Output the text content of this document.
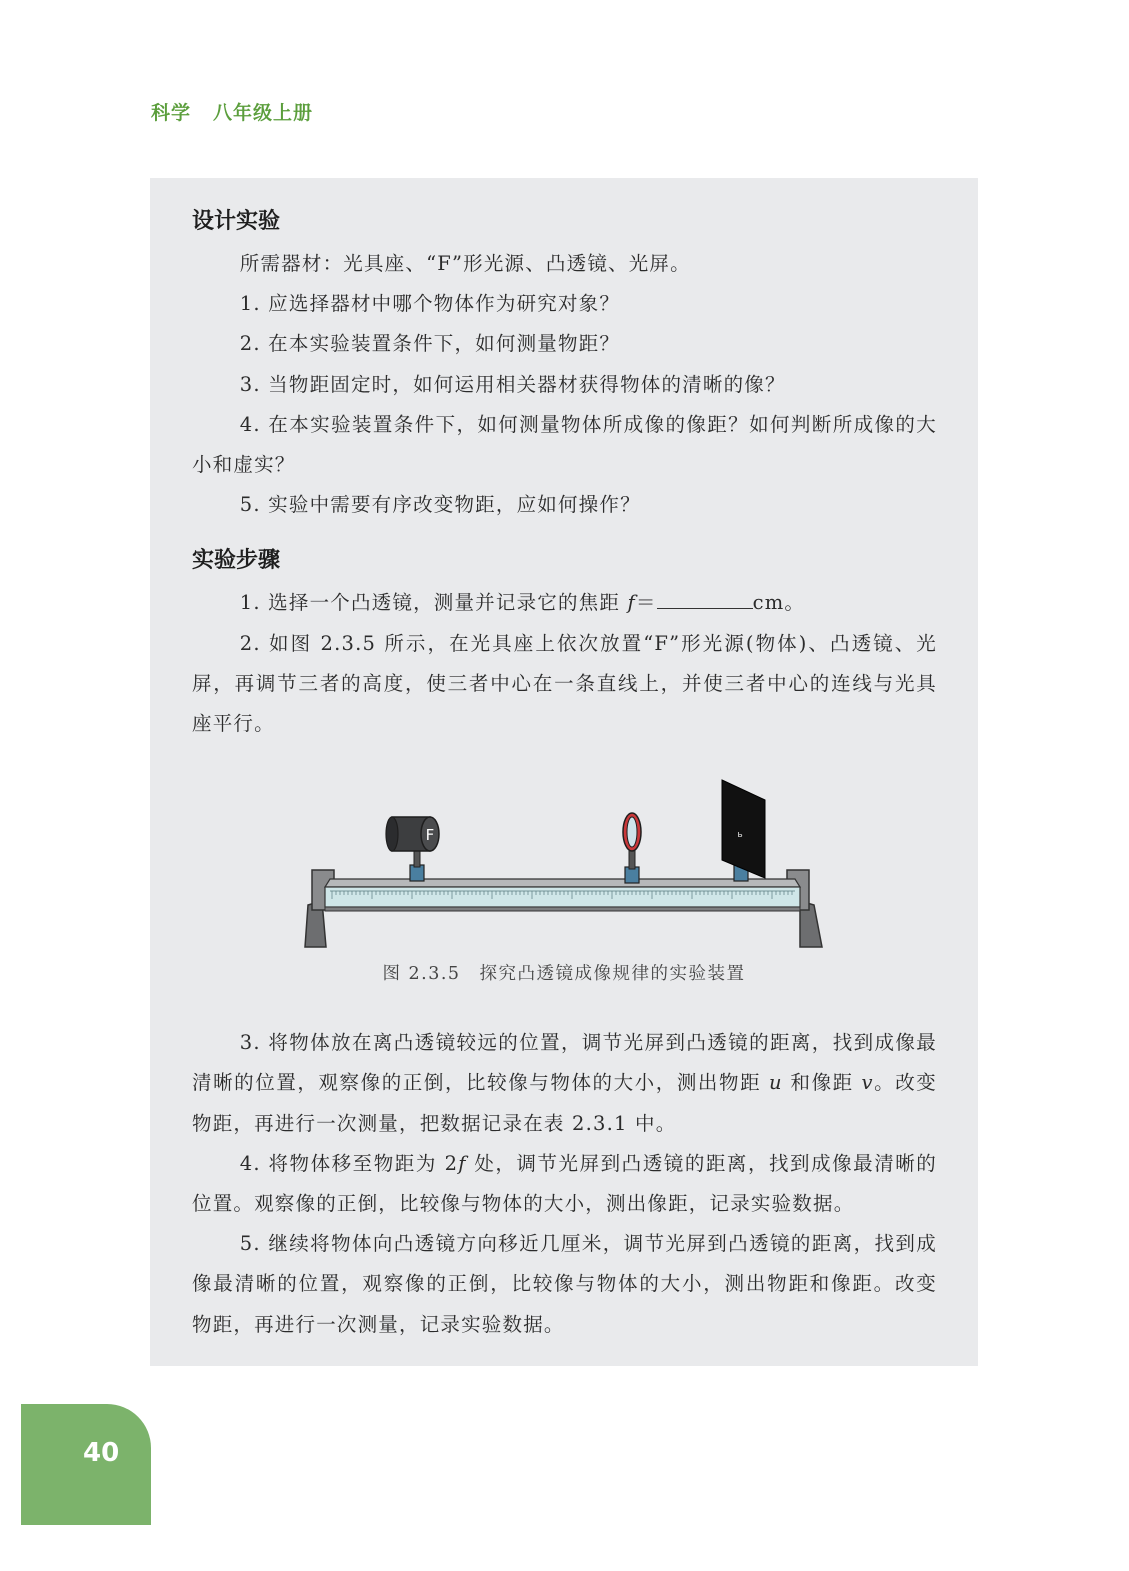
科学 八年级上册
设计实验

所需器材：光具座、“F”形光源、凸透镜、光屏。

1. 应选择器材中哪个物体作为研究对象？

2. 在本实验装置条件下，如何测量物距？

3. 当物距固定时，如何运用相关器材获得物体的清晰的像？

4. 在本实验装置条件下，如何测量物体所成像的像距？如何判断所成像的大小和虚实？

5. 实验中需要有序改变物距，应如何操作？

实验步骤

1. 选择一个凸透镜，测量并记录它的焦距 f＝	cm。

2. 如图 2.3.5 所示，在光具座上依次放置“F”形光源(物体)、凸透镜、光屏，再调节三者的高度，使三者中心在一条直线上，并使三者中心的连线与光具座平行。

3. 将物体放在离凸透镜较远的位置，调节光屏到凸透镜的距离，找到成像最清晰的位置，观察像的正倒，比较像与物体的大小，测出物距 u 和像距 v。改变物距，再进行一次测量，把数据记录在表 2.3.1 中。

4. 将物体移至物距为 2f 处，调节光屏到凸透镜的距离，找到成像最清晰的位置。观察像的正倒，比较像与物体的大小，测出像距，记录实验数据。

5. 继续将物体向凸透镜方向移近几厘米，调节光屏到凸透镜的距离，找到成像最清晰的位置，观察像的正倒，比较像与物体的大小，测出物距和像距。改变物距，再进行一次测量，记录实验数据。

F	ь
图 2.3.5　探究凸透镜成像规律的实验装置
40
